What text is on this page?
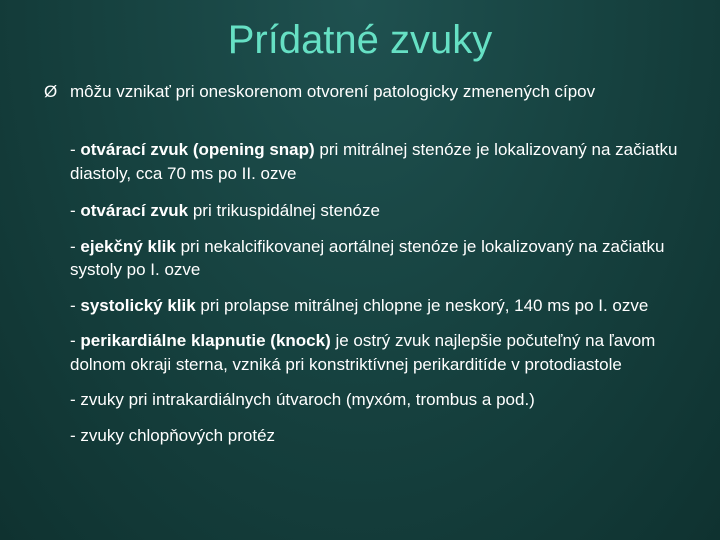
Prídatné zvuky
Ø môžu vznikať pri oneskorenom otvorení patologicky zmenených cípov
- otvárací zvuk (opening snap) pri mitrálnej stenóze je lokalizovaný na začiatku diastoly, cca 70 ms po II. ozve
- otvárací zvuk pri trikuspidálnej stenóze
- ejekčný klik pri nekalcifikovanej aortálnej stenóze je lokalizovaný na začiatku systoly po I. ozve
- systolický klik pri prolapse mitrálnej chlopne je neskorý, 140 ms po I. ozve
- perikardiálne klapnutie (knock) je ostrý zvuk najlepšie počuteľný na ľavom dolnom okraji sterna, vzniká pri konstriktívnej perikarditíde v protodiastole
- zvuky pri intrakardiálnych útvaroch (myxóm, trombus a pod.)
- zvuky chlopňových protéz
